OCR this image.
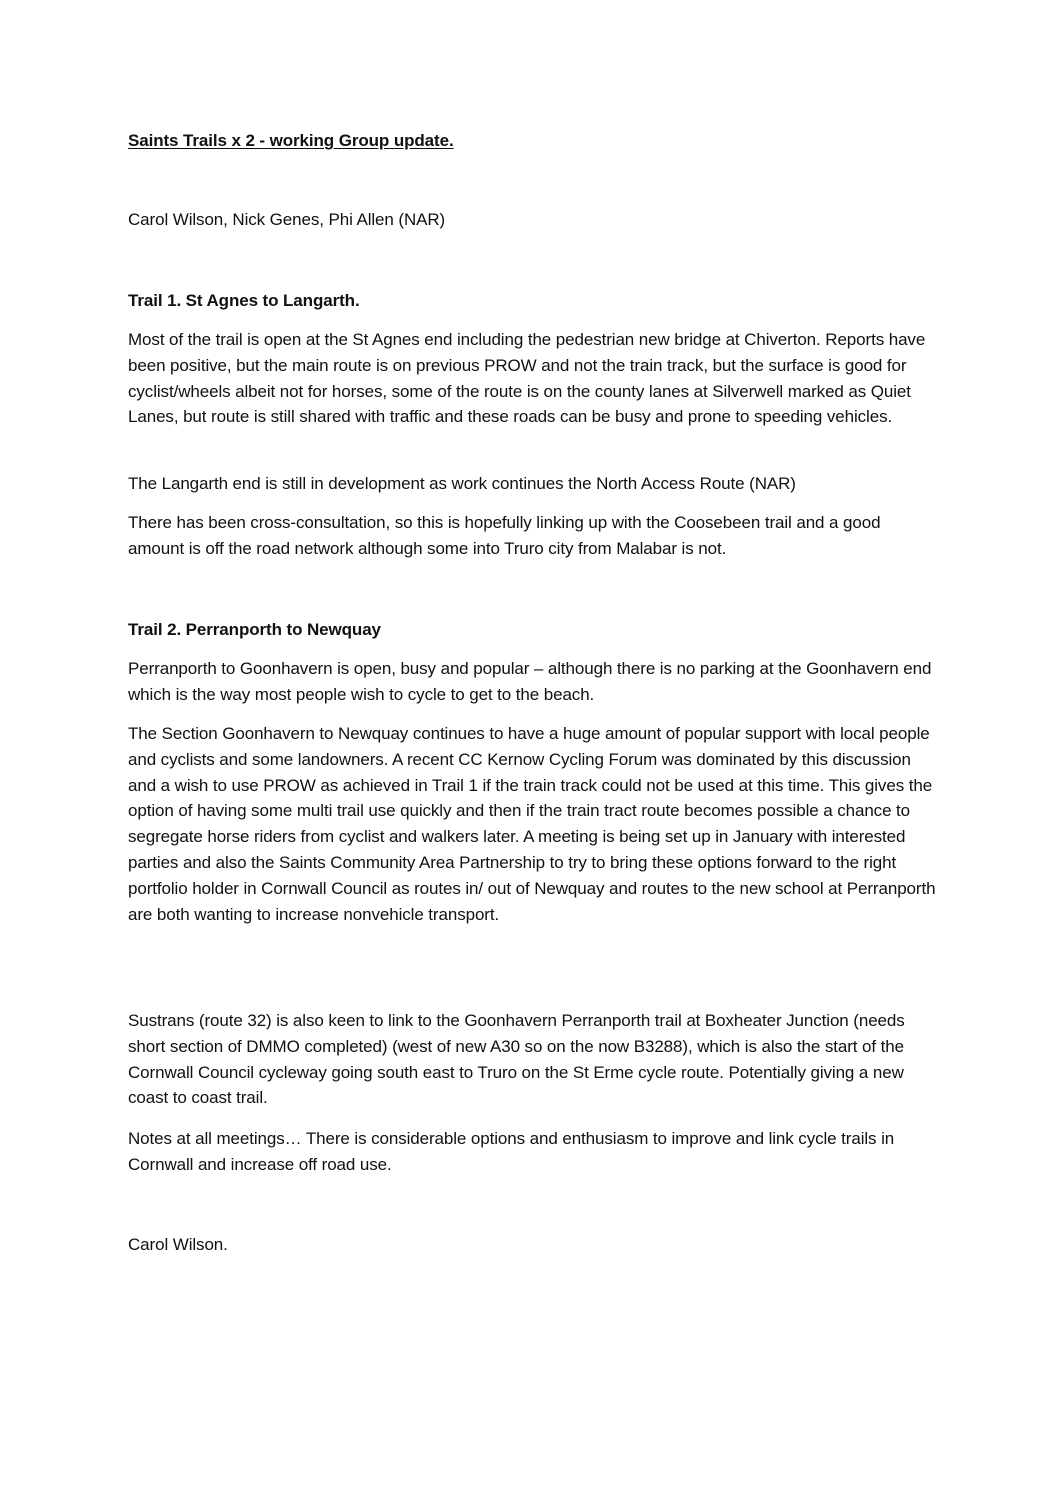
Saints Trails x 2 - working Group update.

Carol Wilson, Nick Genes, Phi Allen (NAR)

Trail 1. St Agnes to Langarth.

Most of the trail is open at the St Agnes end including the pedestrian new bridge at Chiverton. Reports have been positive, but the main route is on previous PROW and not the train track, but the surface is good for cyclist/wheels albeit not for horses, some of the route is on the county lanes at Silverwell marked as Quiet Lanes, but route is still shared with traffic and these roads can be busy and prone to speeding vehicles.

The Langarth end is still in development as work continues the North Access Route (NAR)

There has been cross-consultation, so this is hopefully linking up with the Coosebeen trail and a good amount is off the road network although some into Truro city from Malabar is not.

Trail 2. Perranporth to Newquay

Perranporth to Goonhavern is open, busy and popular – although there is no parking at the Goonhavern end which is the way most people wish to cycle to get to the beach.

The Section Goonhavern to Newquay continues to have a huge amount of popular support with local people and cyclists and some landowners. A recent CC Kernow Cycling Forum was dominated by this discussion and a wish to use PROW as achieved in Trail 1 if the train track could not be used at this time. This gives the option of having some multi trail use quickly and then if the train tract route becomes possible a chance to segregate horse riders from cyclist and walkers later. A meeting is being set up in January with interested parties and also the Saints Community Area Partnership to try to bring these options forward to the right portfolio holder in Cornwall Council as routes in/ out of Newquay and routes to the new school at Perranporth are both wanting to increase nonvehicle transport.

Sustrans (route 32) is also keen to link to the Goonhavern Perranporth trail at Boxheater Junction (needs short section of DMMO completed) (west of new A30 so on the now B3288), which is also the start of the Cornwall Council cycleway going south east to Truro on the St Erme cycle route. Potentially giving a new coast to coast trail.

Notes at all meetings… There is considerable options and enthusiasm to improve and link cycle trails in Cornwall and increase off road use.

Carol Wilson.
